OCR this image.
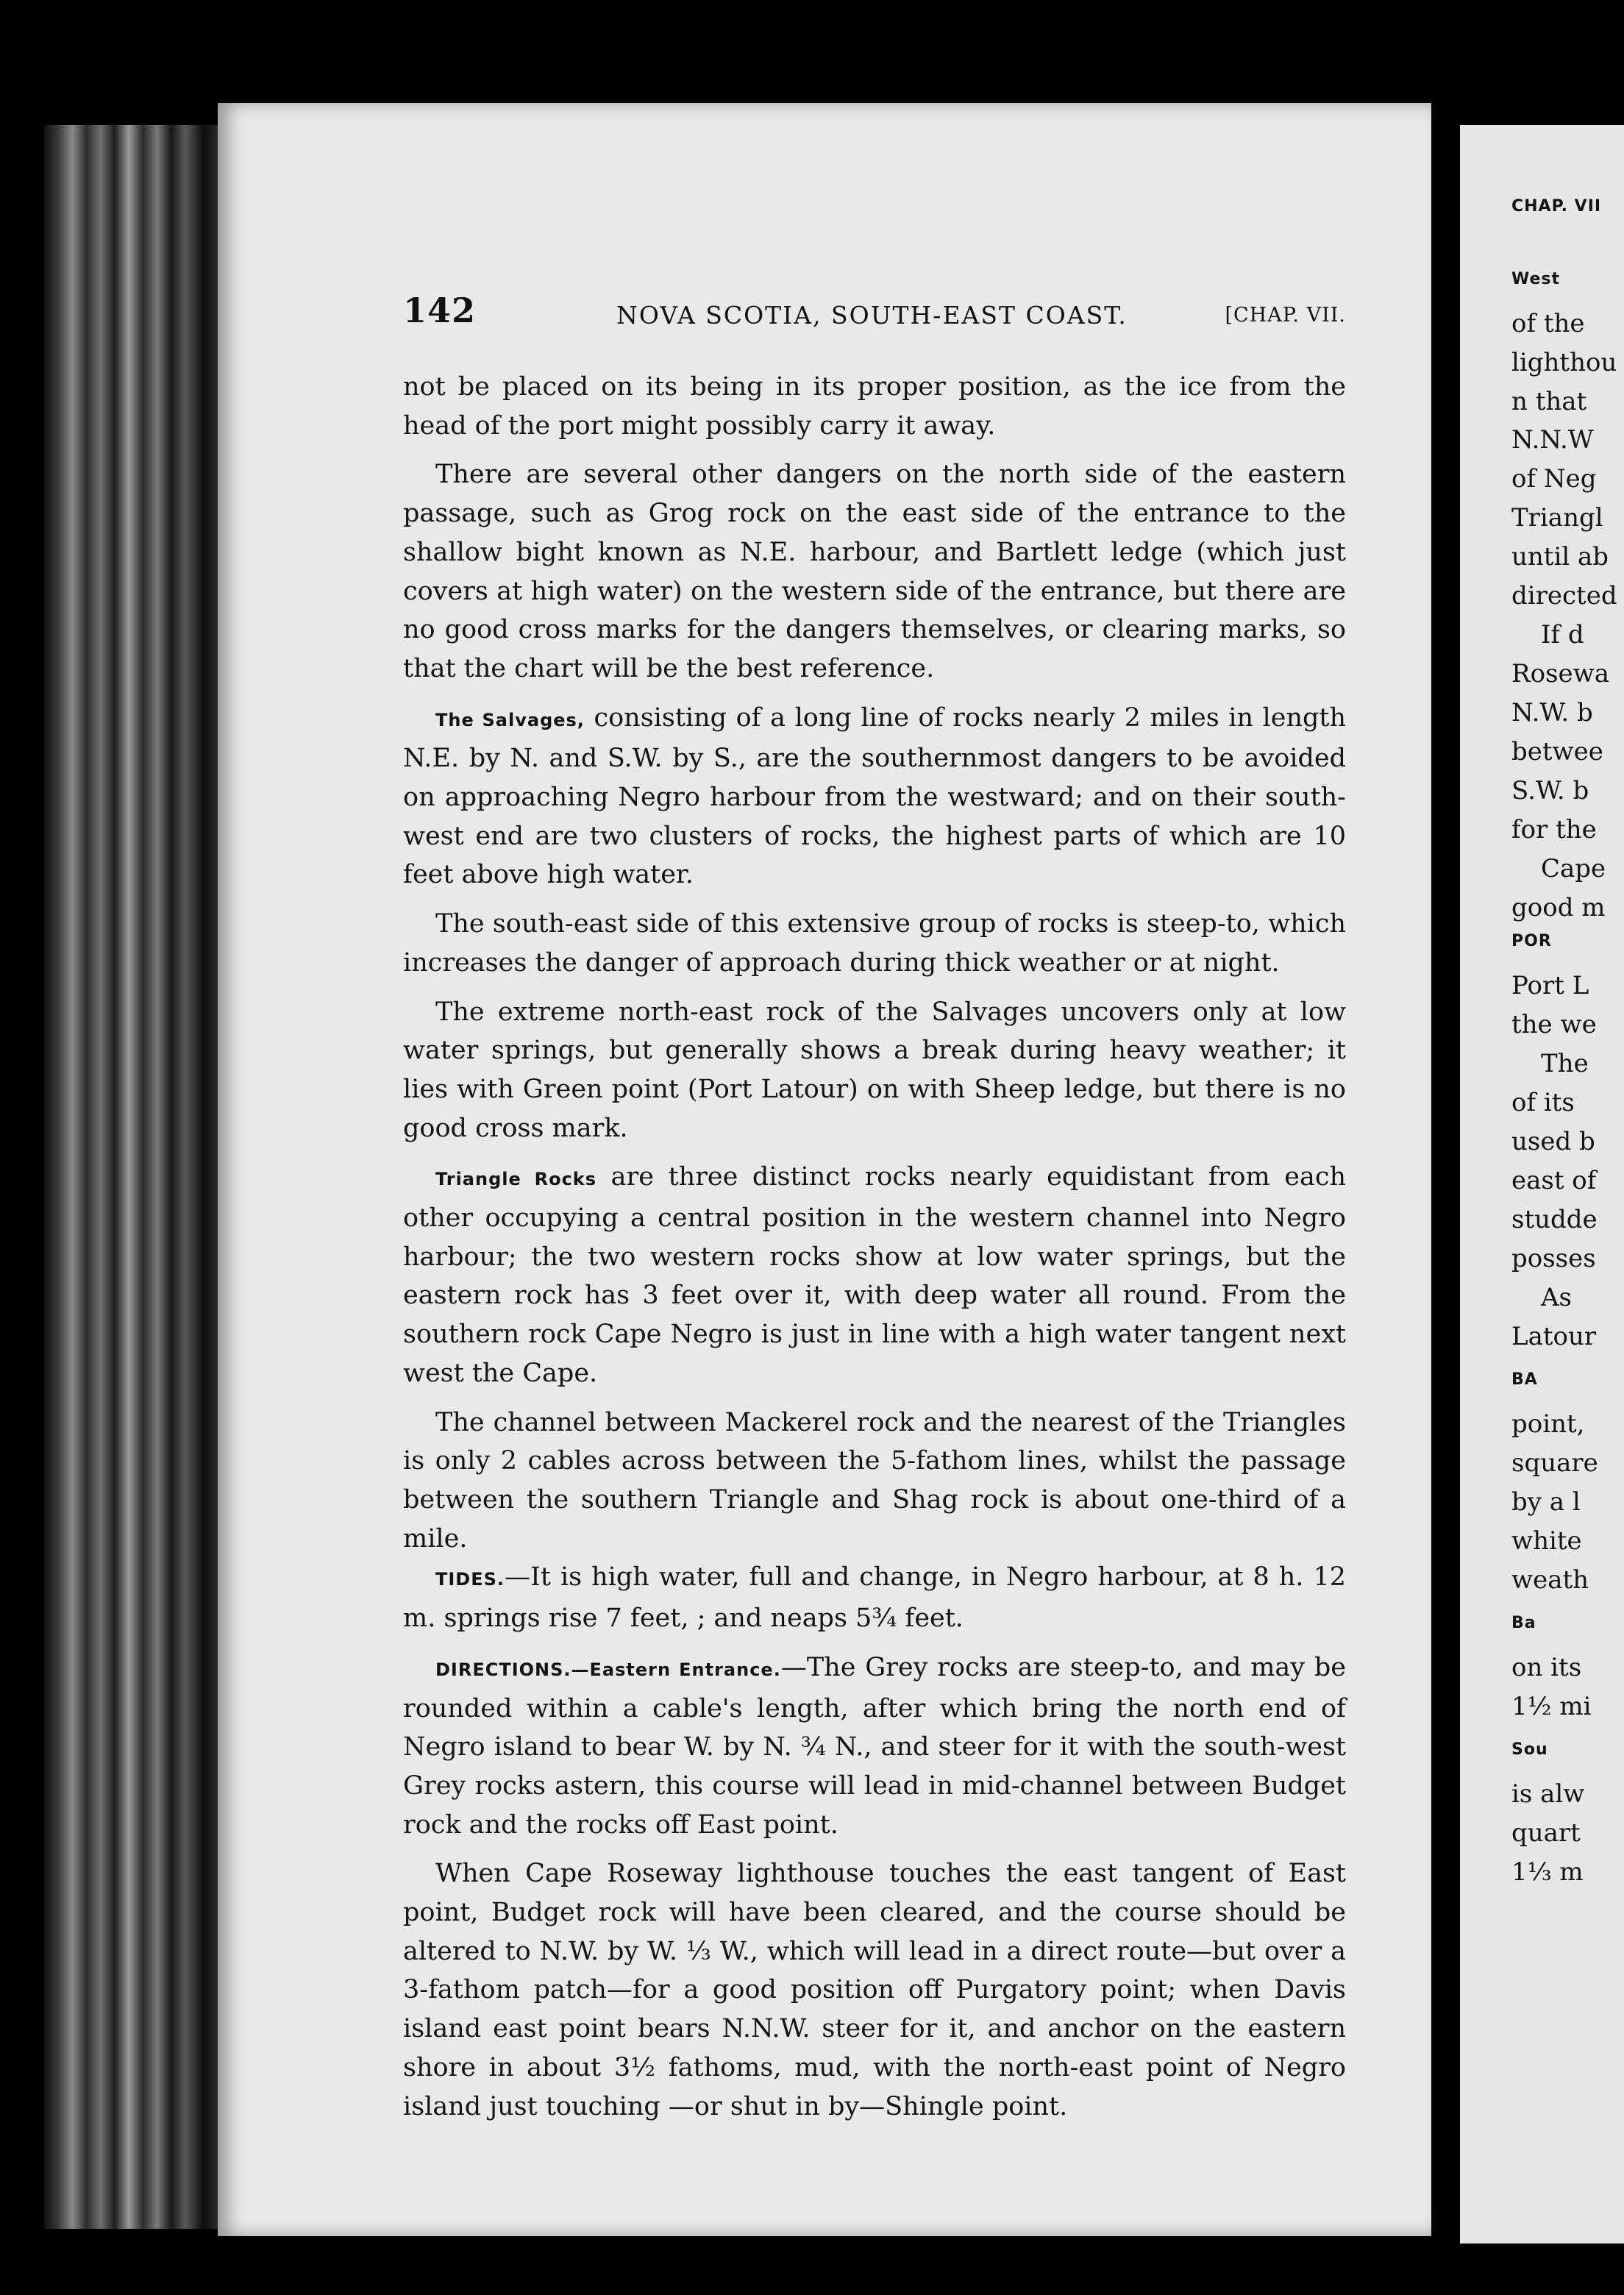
142	NOVA SCOTIA, SOUTH-EAST COAST.	[CHAP. VII.

not be placed on its being in its proper position, as the ice from the head of the port might possibly carry it away.

There are several other dangers on the north side of the eastern passage, such as Grog rock on the east side of the entrance to the shallow bight known as N.E. harbour, and Bartlett ledge (which just covers at high water) on the western side of the entrance, but there are no good cross marks for the dangers themselves, or clearing marks, so that the chart will be the best reference.

The Salvages, consisting of a long line of rocks nearly 2 miles in length N.E. by N. and S.W. by S., are the southernmost dangers to be avoided on approaching Negro harbour from the westward; and on their south-west end are two clusters of rocks, the highest parts of which are 10 feet above high water.

The south-east side of this extensive group of rocks is steep-to, which increases the danger of approach during thick weather or at night.

The extreme north-east rock of the Salvages uncovers only at low water springs, but generally shows a break during heavy weather; it lies with Green point (Port Latour) on with Sheep ledge, but there is no good cross mark.

Triangle Rocks are three distinct rocks nearly equidistant from each other occupying a central position in the western channel into Negro harbour; the two western rocks show at low water springs, but the eastern rock has 3 feet over it, with deep water all round. From the southern rock Cape Negro is just in line with a high water tangent next west the Cape.

The channel between Mackerel rock and the nearest of the Triangles is only 2 cables across between the 5-fathom lines, whilst the passage between the southern Triangle and Shag rock is about one-third of a mile.

TIDES.—It is high water, full and change, in Negro harbour, at 8 h. 12 m. springs rise 7 feet, ; and neaps 5¾ feet.

DIRECTIONS.—Eastern Entrance.—The Grey rocks are steep-to, and may be rounded within a cable's length, after which bring the north end of Negro island to bear W. by N. ¾ N., and steer for it with the south-west Grey rocks astern, this course will lead in mid-channel between Budget rock and the rocks off East point.

When Cape Roseway lighthouse touches the east tangent of East point, Budget rock will have been cleared, and the course should be altered to N.W. by W. ⅓ W., which will lead in a direct route—but over a 3-fathom patch—for a good position off Purgatory point; when Davis island east point bears N.N.W. steer for it, and anchor on the eastern shore in about 3½ fathoms, mud, with the north-east point of Negro island just touching —or shut in by—Shingle point.

CHAP. VII
West
of the
lighthou
n that
N.N.W
of Neg
Triangl
until ab
directed
If d
Rosewa
N.W. b
betwee
S.W. b
for the
Cape
good m
POR
Port L
the we
The
of its
used b
east of
studde
posses
As
Latour
BA
point,
square
by a l
white
weath
Ba
on its
1½ mi
Sou
is alw
quart
1⅓ m
